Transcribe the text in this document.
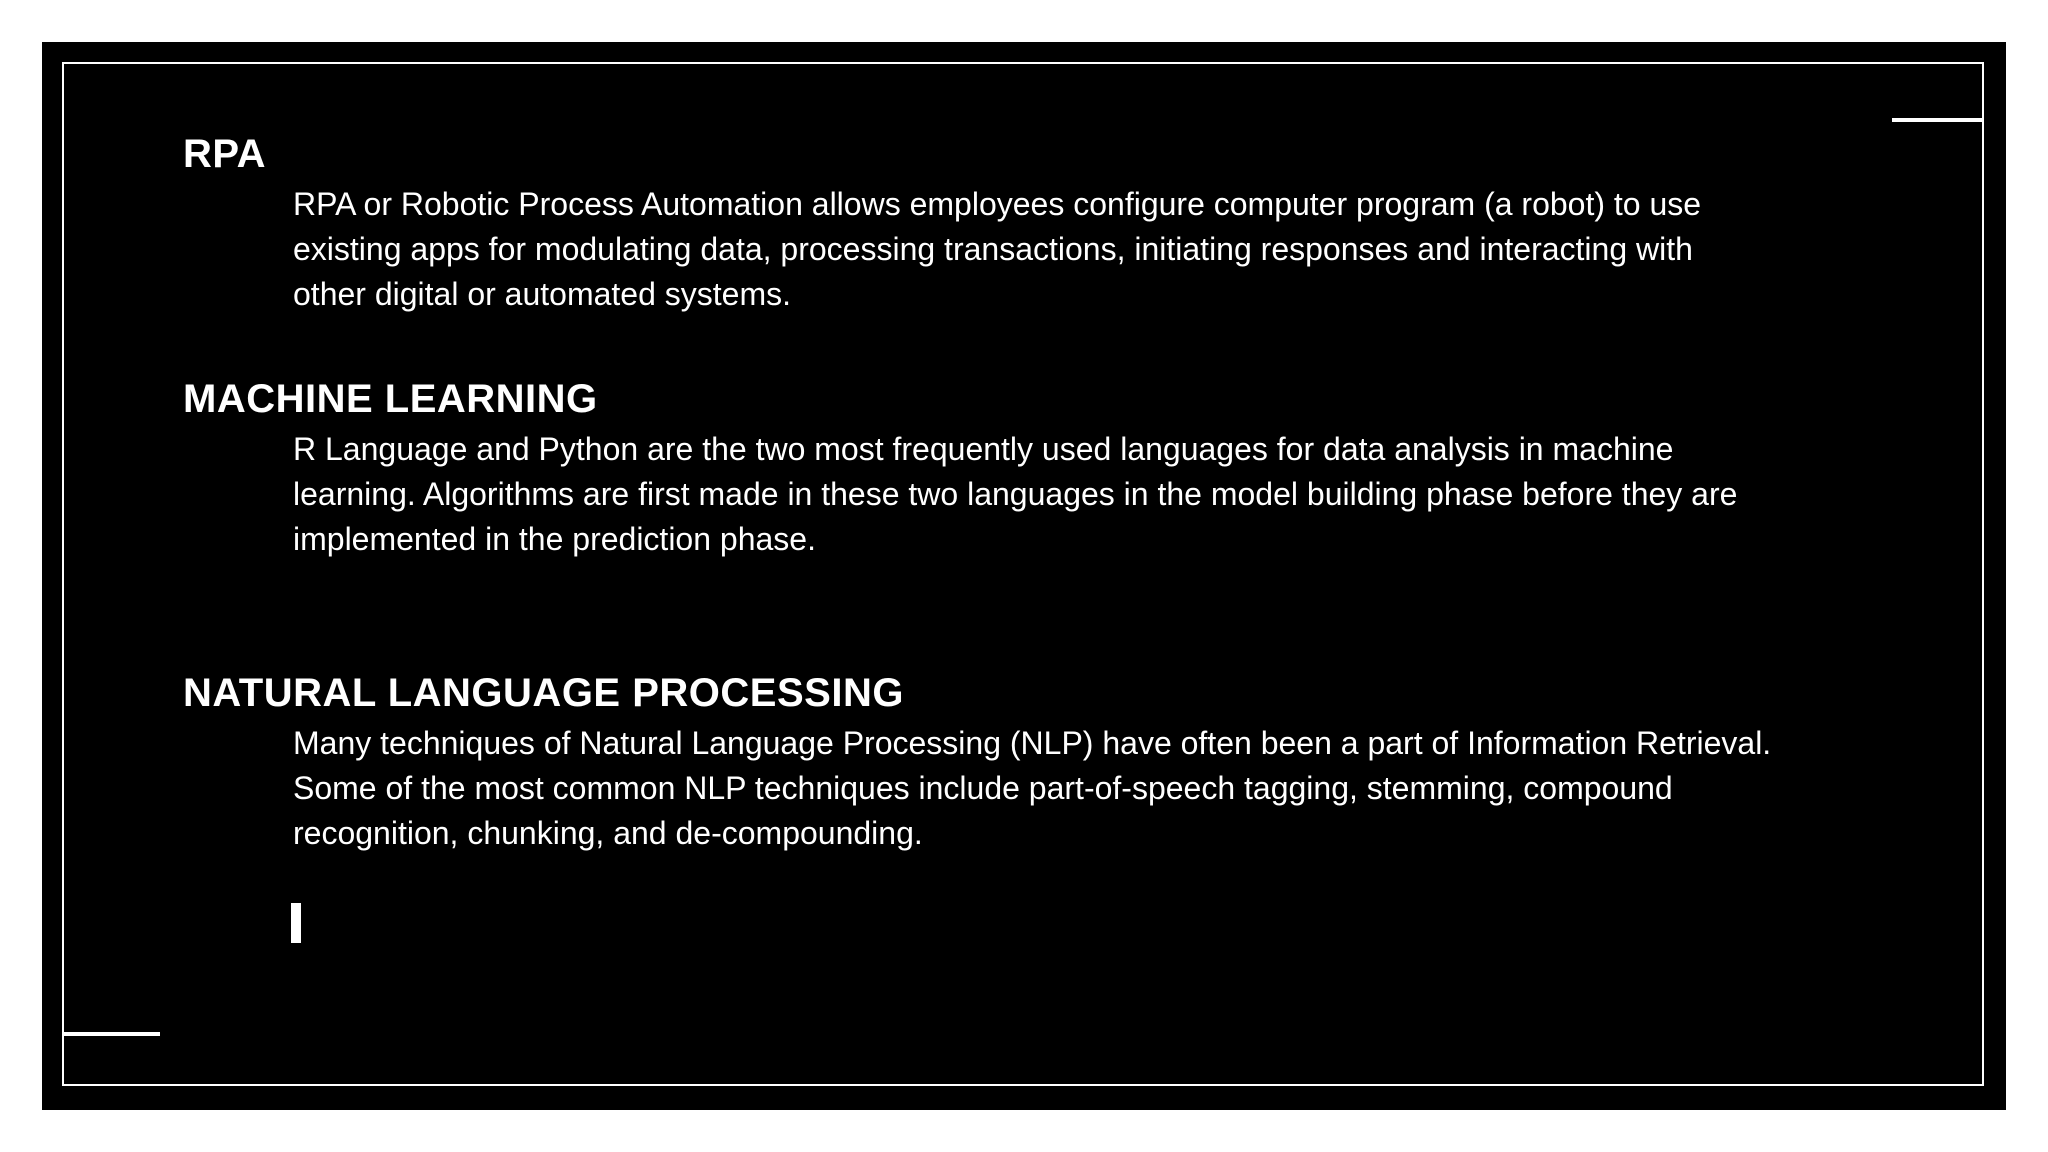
RPA

RPA or Robotic Process Automation allows employees configure computer program (a robot) to use existing apps for modulating data, processing transactions, initiating responses and interacting with other digital or automated systems.

MACHINE LEARNING

R Language and Python are the two most frequently used languages for data analysis in machine learning. Algorithms are first made in these two languages in the model building phase before they are implemented in the prediction phase.

NATURAL LANGUAGE PROCESSING

Many techniques of Natural Language Processing (NLP) have often been a part of Information Retrieval. Some of the most common NLP techniques include part-of-speech tagging, stemming, compound recognition, chunking, and de-compounding.
